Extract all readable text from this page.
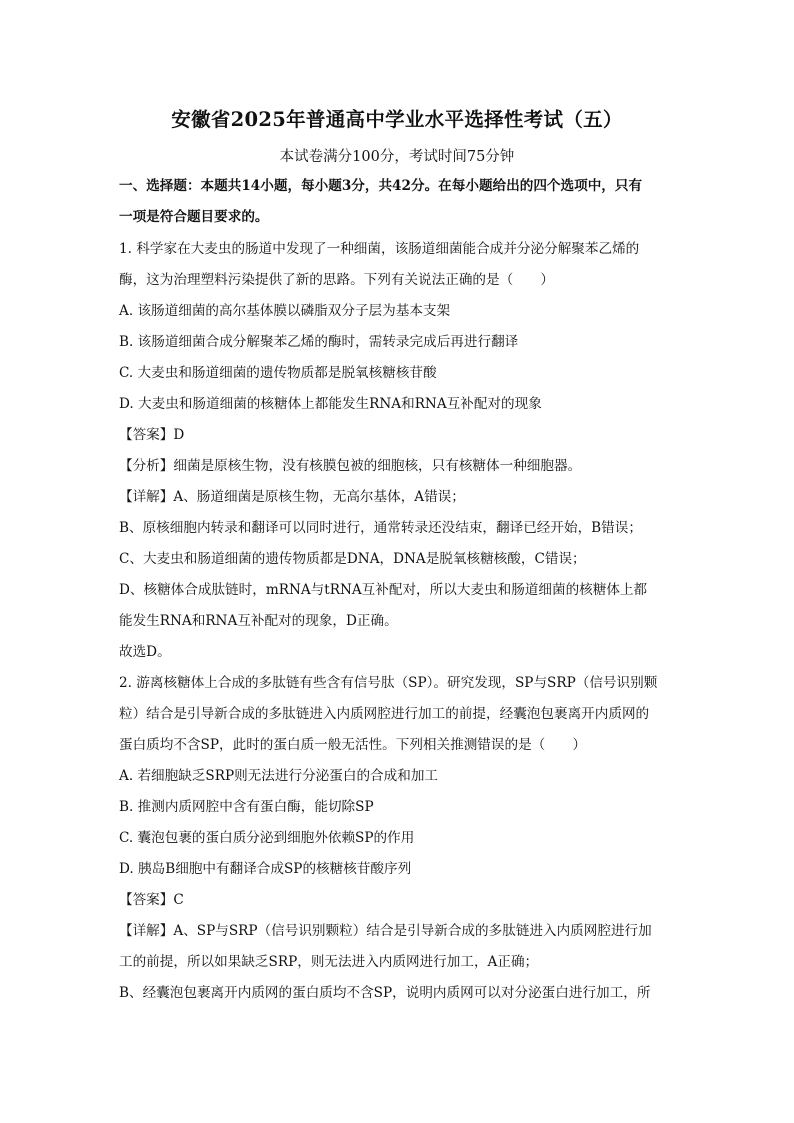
安徽省2025年普通高中学业水平选择性考试（五）
本试卷满分100分，考试时间75分钟
一、选择题：本题共14小题，每小题3分，共42分。在每小题给出的四个选项中，只有
一项是符合题目要求的。
1. 科学家在大麦虫的肠道中发现了一种细菌，该肠道细菌能合成并分泌分解聚苯乙烯的
酶，这为治理塑料污染提供了新的思路。下列有关说法正确的是（　　）
A. 该肠道细菌的高尔基体膜以磷脂双分子层为基本支架
B. 该肠道细菌合成分解聚苯乙烯的酶时，需转录完成后再进行翻译
C. 大麦虫和肠道细菌的遗传物质都是脱氧核糖核苷酸
D. 大麦虫和肠道细菌的核糖体上都能发生RNA和RNA互补配对的现象
【答案】D
【分析】细菌是原核生物，没有核膜包被的细胞核，只有核糖体一种细胞器。
【详解】A、肠道细菌是原核生物，无高尔基体，A错误；
B、原核细胞内转录和翻译可以同时进行，通常转录还没结束，翻译已经开始，B错误；
C、大麦虫和肠道细菌的遗传物质都是DNA，DNA是脱氧核糖核酸，C错误；
D、核糖体合成肽链时，mRNA与tRNA互补配对，所以大麦虫和肠道细菌的核糖体上都
能发生RNA和RNA互补配对的现象，D正确。
故选D。
2. 游离核糖体上合成的多肽链有些含有信号肽（SP）。研究发现，SP与SRP（信号识别颗
粒）结合是引导新合成的多肽链进入内质网腔进行加工的前提，经囊泡包裹离开内质网的
蛋白质均不含SP，此时的蛋白质一般无活性。下列相关推测错误的是（　　）
A. 若细胞缺乏SRP则无法进行分泌蛋白的合成和加工
B. 推测内质网腔中含有蛋白酶，能切除SP
C. 囊泡包裹的蛋白质分泌到细胞外依赖SP的作用
D. 胰岛B细胞中有翻译合成SP的核糖核苷酸序列
【答案】C
【详解】A、SP与SRP（信号识别颗粒）结合是引导新合成的多肽链进入内质网腔进行加
工的前提，所以如果缺乏SRP，则无法进入内质网进行加工，A正确；
B、经囊泡包裹离开内质网的蛋白质均不含SP，说明内质网可以对分泌蛋白进行加工，所
